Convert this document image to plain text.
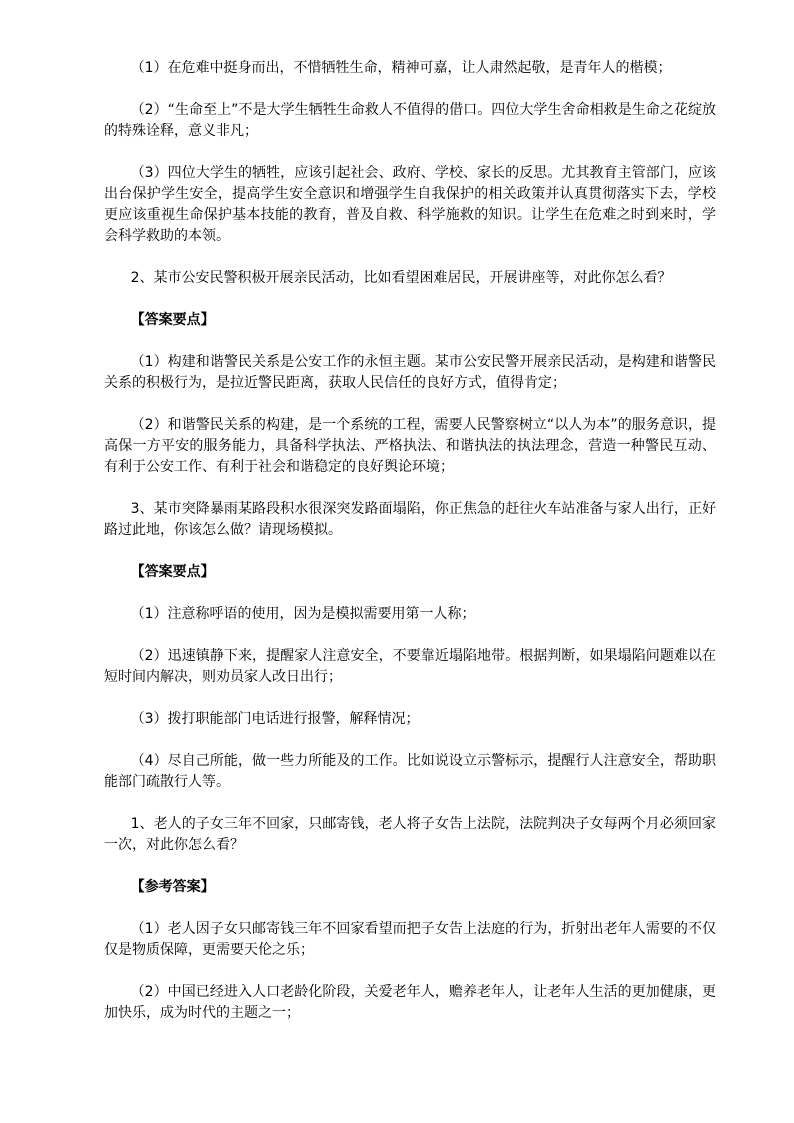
（1）在危难中挺身而出，不惜牺牲生命，精神可嘉，让人肃然起敬，是青年人的楷模；

（2）“生命至上”不是大学生牺牲生命救人不值得的借口。四位大学生舍命相救是生命之花绽放的特殊诠释，意义非凡；

（3）四位大学生的牺牲，应该引起社会、政府、学校、家长的反思。尤其教育主管部门，应该出台保护学生安全，提高学生安全意识和增强学生自我保护的相关政策并认真贯彻落实下去，学校更应该重视生命保护基本技能的教育，普及自救、科学施救的知识。让学生在危难之时到来时，学会科学救助的本领。

2、某市公安民警积极开展亲民活动，比如看望困难居民，开展讲座等，对此你怎么看？

【答案要点】

（1）构建和谐警民关系是公安工作的永恒主题。某市公安民警开展亲民活动，是构建和谐警民关系的积极行为，是拉近警民距离，获取人民信任的良好方式，值得肯定；

（2）和谐警民关系的构建，是一个系统的工程，需要人民警察树立“以人为本”的服务意识，提高保一方平安的服务能力，具备科学执法、严格执法、和谐执法的执法理念，营造一种警民互动、有利于公安工作、有利于社会和谐稳定的良好舆论环境；

3、某市突降暴雨某路段积水很深突发路面塌陷，你正焦急的赶往火车站准备与家人出行，正好路过此地，你该怎么做？请现场模拟。

【答案要点】

（1）注意称呼语的使用，因为是模拟需要用第一人称；

（2）迅速镇静下来，提醒家人注意安全，不要靠近塌陷地带。根据判断，如果塌陷问题难以在短时间内解决，则劝员家人改日出行；

（3）拨打职能部门电话进行报警，解释情况；

（4）尽自己所能，做一些力所能及的工作。比如说设立示警标示，提醒行人注意安全，帮助职能部门疏散行人等。

1、老人的子女三年不回家，只邮寄钱，老人将子女告上法院，法院判决子女每两个月必须回家一次，对此你怎么看？

【参考答案】

（1）老人因子女只邮寄钱三年不回家看望而把子女告上法庭的行为，折射出老年人需要的不仅仅是物质保障，更需要天伦之乐；

（2）中国已经进入人口老龄化阶段，关爱老年人，赡养老年人，让老年人生活的更加健康，更加快乐，成为时代的主题之一；
